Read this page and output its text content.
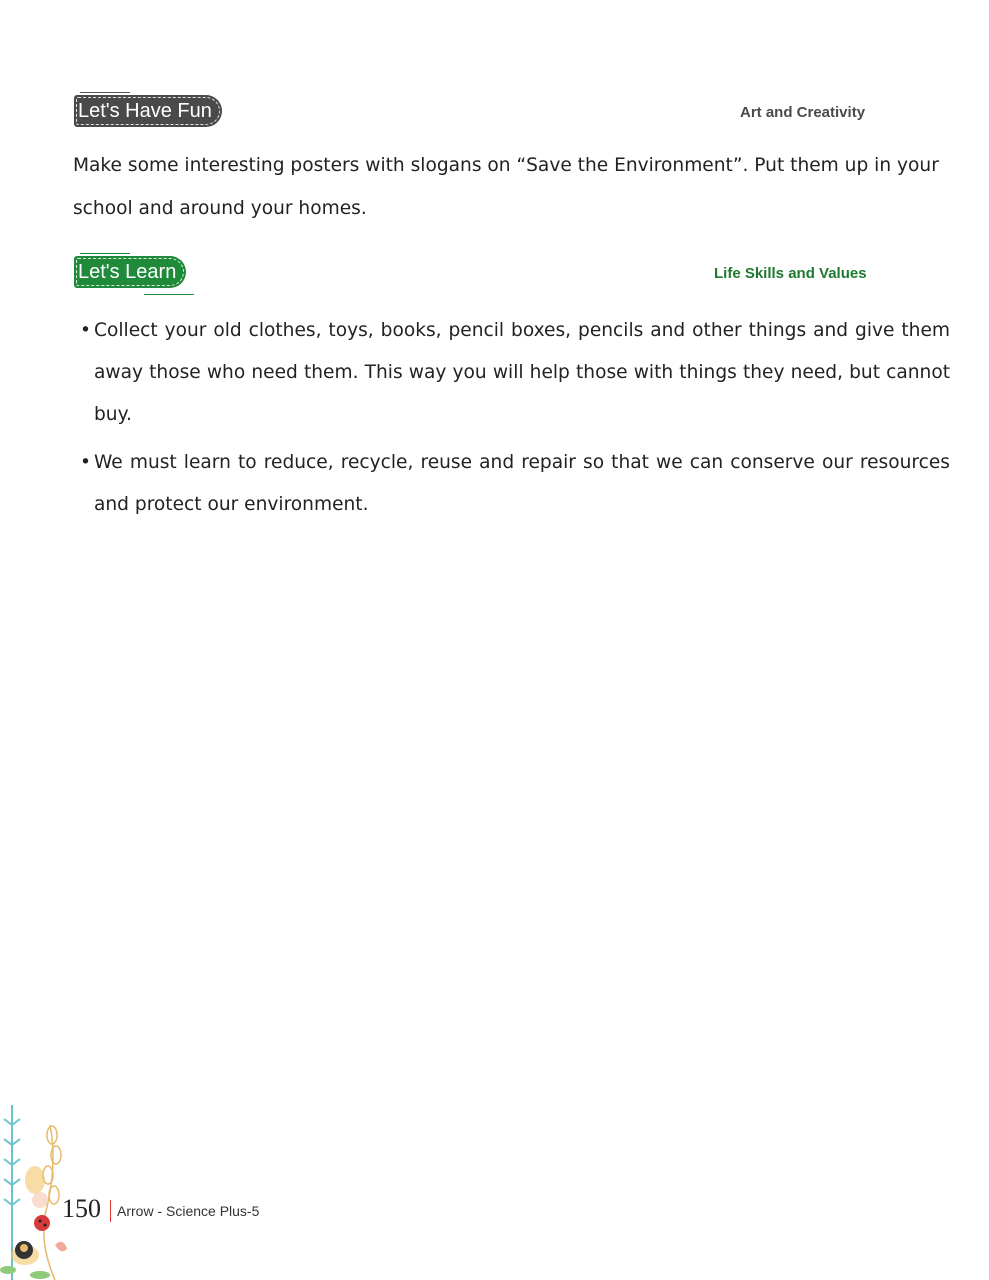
Let's Have Fun	Art and Creativity
Make some interesting posters with slogans on “Save the Environment”. Put them up in your school and around your homes.
Let's Learn	Life Skills and Values
• Collect your old clothes, toys, books, pencil boxes, pencils and other things and give them away those who need them. This way you will help those with things they need, but cannot buy.
• We must learn to reduce, recycle, reuse and repair so that we can conserve our resources and protect our environment.
150 Arrow - Science Plus-5
